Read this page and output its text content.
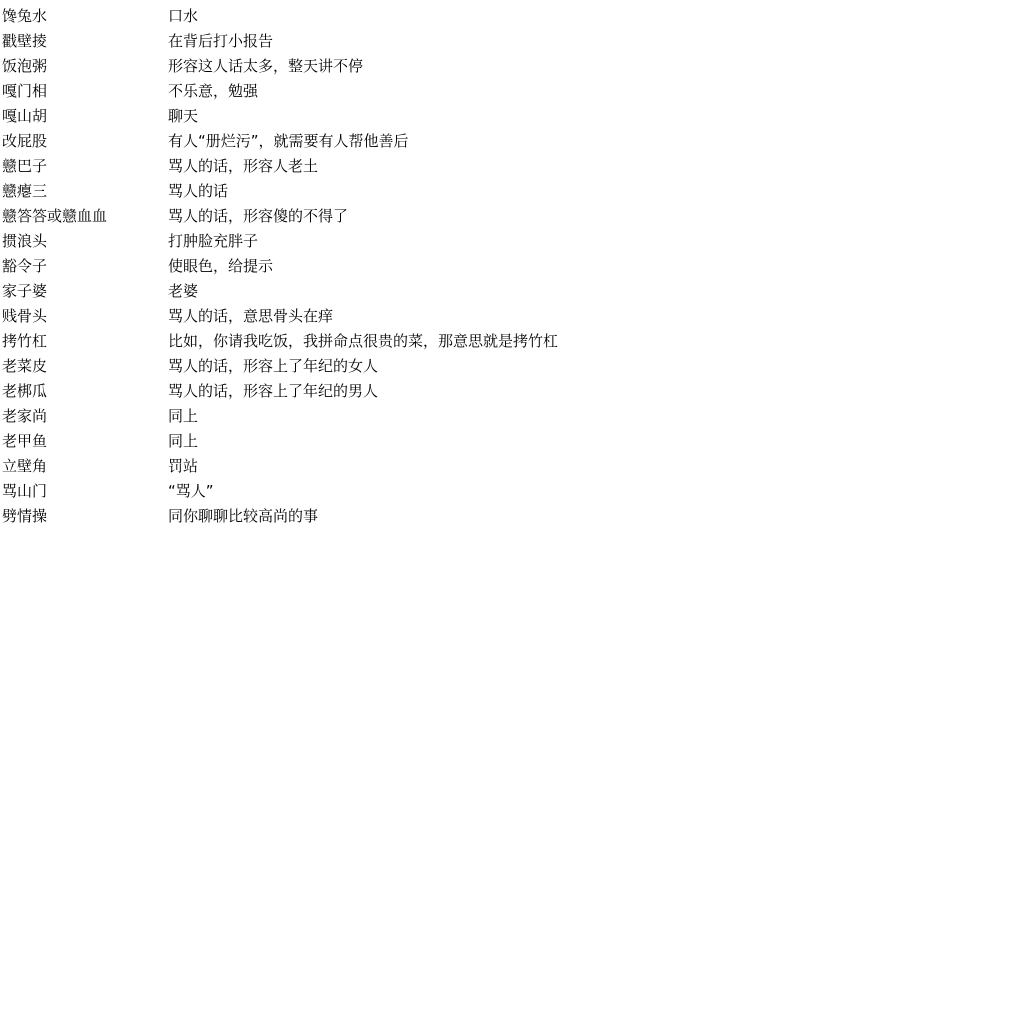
馋兔水	口水
戳壁掕	在背后打小报告
饭泡粥	形容这人话太多，整天讲不停
嘎门相	不乐意，勉强
嘎山胡	聊天
改屁股	有人“册烂污”，就需要有人帮他善后
戆巴子	骂人的话，形容人老土
戆瘪三	骂人的话
戆答答或戆血血	骂人的话，形容傻的不得了
掼浪头	打肿脸充胖子
豁令子	使眼色，给提示
家子婆	老婆
贱骨头	骂人的话，意思骨头在痒
拷竹杠	比如，你请我吃饭，我拼命点很贵的菜，那意思就是拷竹杠
老菜皮	骂人的话，形容上了年纪的女人
老梆瓜	骂人的话，形容上了年纪的男人
老家尚	同上
老甲鱼	同上
立壁角	罚站
骂山门	“骂人”
劈情操	同你聊聊比较高尚的事
